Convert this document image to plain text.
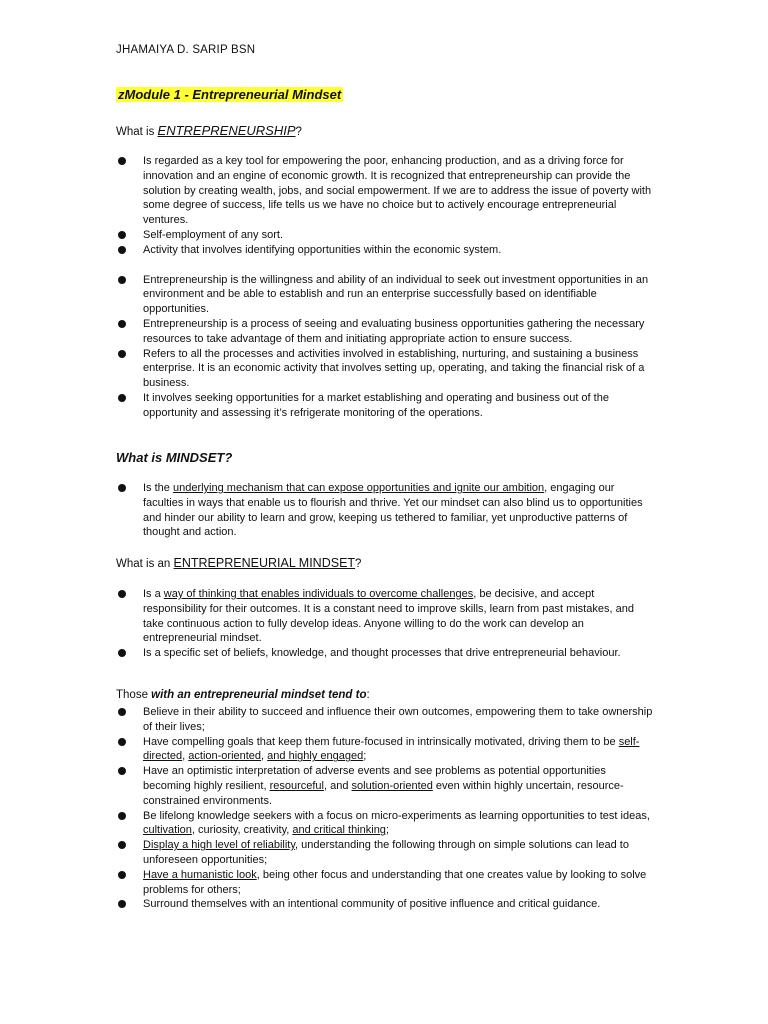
JHAMAIYA D. SARIP BSN
zModule 1 - Entrepreneurial Mindset
What is ENTREPRENEURSHIP?
Is regarded as a key tool for empowering the poor, enhancing production, and as a driving force for innovation and an engine of economic growth. It is recognized that entrepreneurship can provide the solution by creating wealth, jobs, and social empowerment. If we are to address the issue of poverty with some degree of success, life tells us we have no choice but to actively encourage entrepreneurial ventures.
Self-employment of any sort.
Activity that involves identifying opportunities within the economic system.
Entrepreneurship is the willingness and ability of an individual to seek out investment opportunities in an environment and be able to establish and run an enterprise successfully based on identifiable opportunities.
Entrepreneurship is a process of seeing and evaluating business opportunities gathering the necessary resources to take advantage of them and initiating appropriate action to ensure success.
Refers to all the processes and activities involved in establishing, nurturing, and sustaining a business enterprise. It is an economic activity that involves setting up, operating, and taking the financial risk of a business.
It involves seeking opportunities for a market establishing and operating and business out of the opportunity and assessing it’s refrigerate monitoring of the operations.
What is MINDSET?
Is the underlying mechanism that can expose opportunities and ignite our ambition, engaging our faculties in ways that enable us to flourish and thrive. Yet our mindset can also blind us to opportunities and hinder our ability to learn and grow, keeping us tethered to familiar, yet unproductive patterns of thought and action.
What is an ENTREPRENEURIAL MINDSET?
Is a way of thinking that enables individuals to overcome challenges, be decisive, and accept responsibility for their outcomes. It is a constant need to improve skills, learn from past mistakes, and take continuous action to fully develop ideas. Anyone willing to do the work can develop an entrepreneurial mindset.
Is a specific set of beliefs, knowledge, and thought processes that drive entrepreneurial behaviour.
Those with an entrepreneurial mindset tend to:
Believe in their ability to succeed and influence their own outcomes, empowering them to take ownership of their lives;
Have compelling goals that keep them future-focused in intrinsically motivated, driving them to be self-directed, action-oriented, and highly engaged;
Have an optimistic interpretation of adverse events and see problems as potential opportunities becoming highly resilient, resourceful, and solution-oriented even within highly uncertain, resource-constrained environments.
Be lifelong knowledge seekers with a focus on micro-experiments as learning opportunities to test ideas, cultivation, curiosity, creativity, and critical thinking;
Display a high level of reliability, understanding the following through on simple solutions can lead to unforeseen opportunities;
Have a humanistic look, being other focus and understanding that one creates value by looking to solve problems for others;
Surround themselves with an intentional community of positive influence and critical guidance.
